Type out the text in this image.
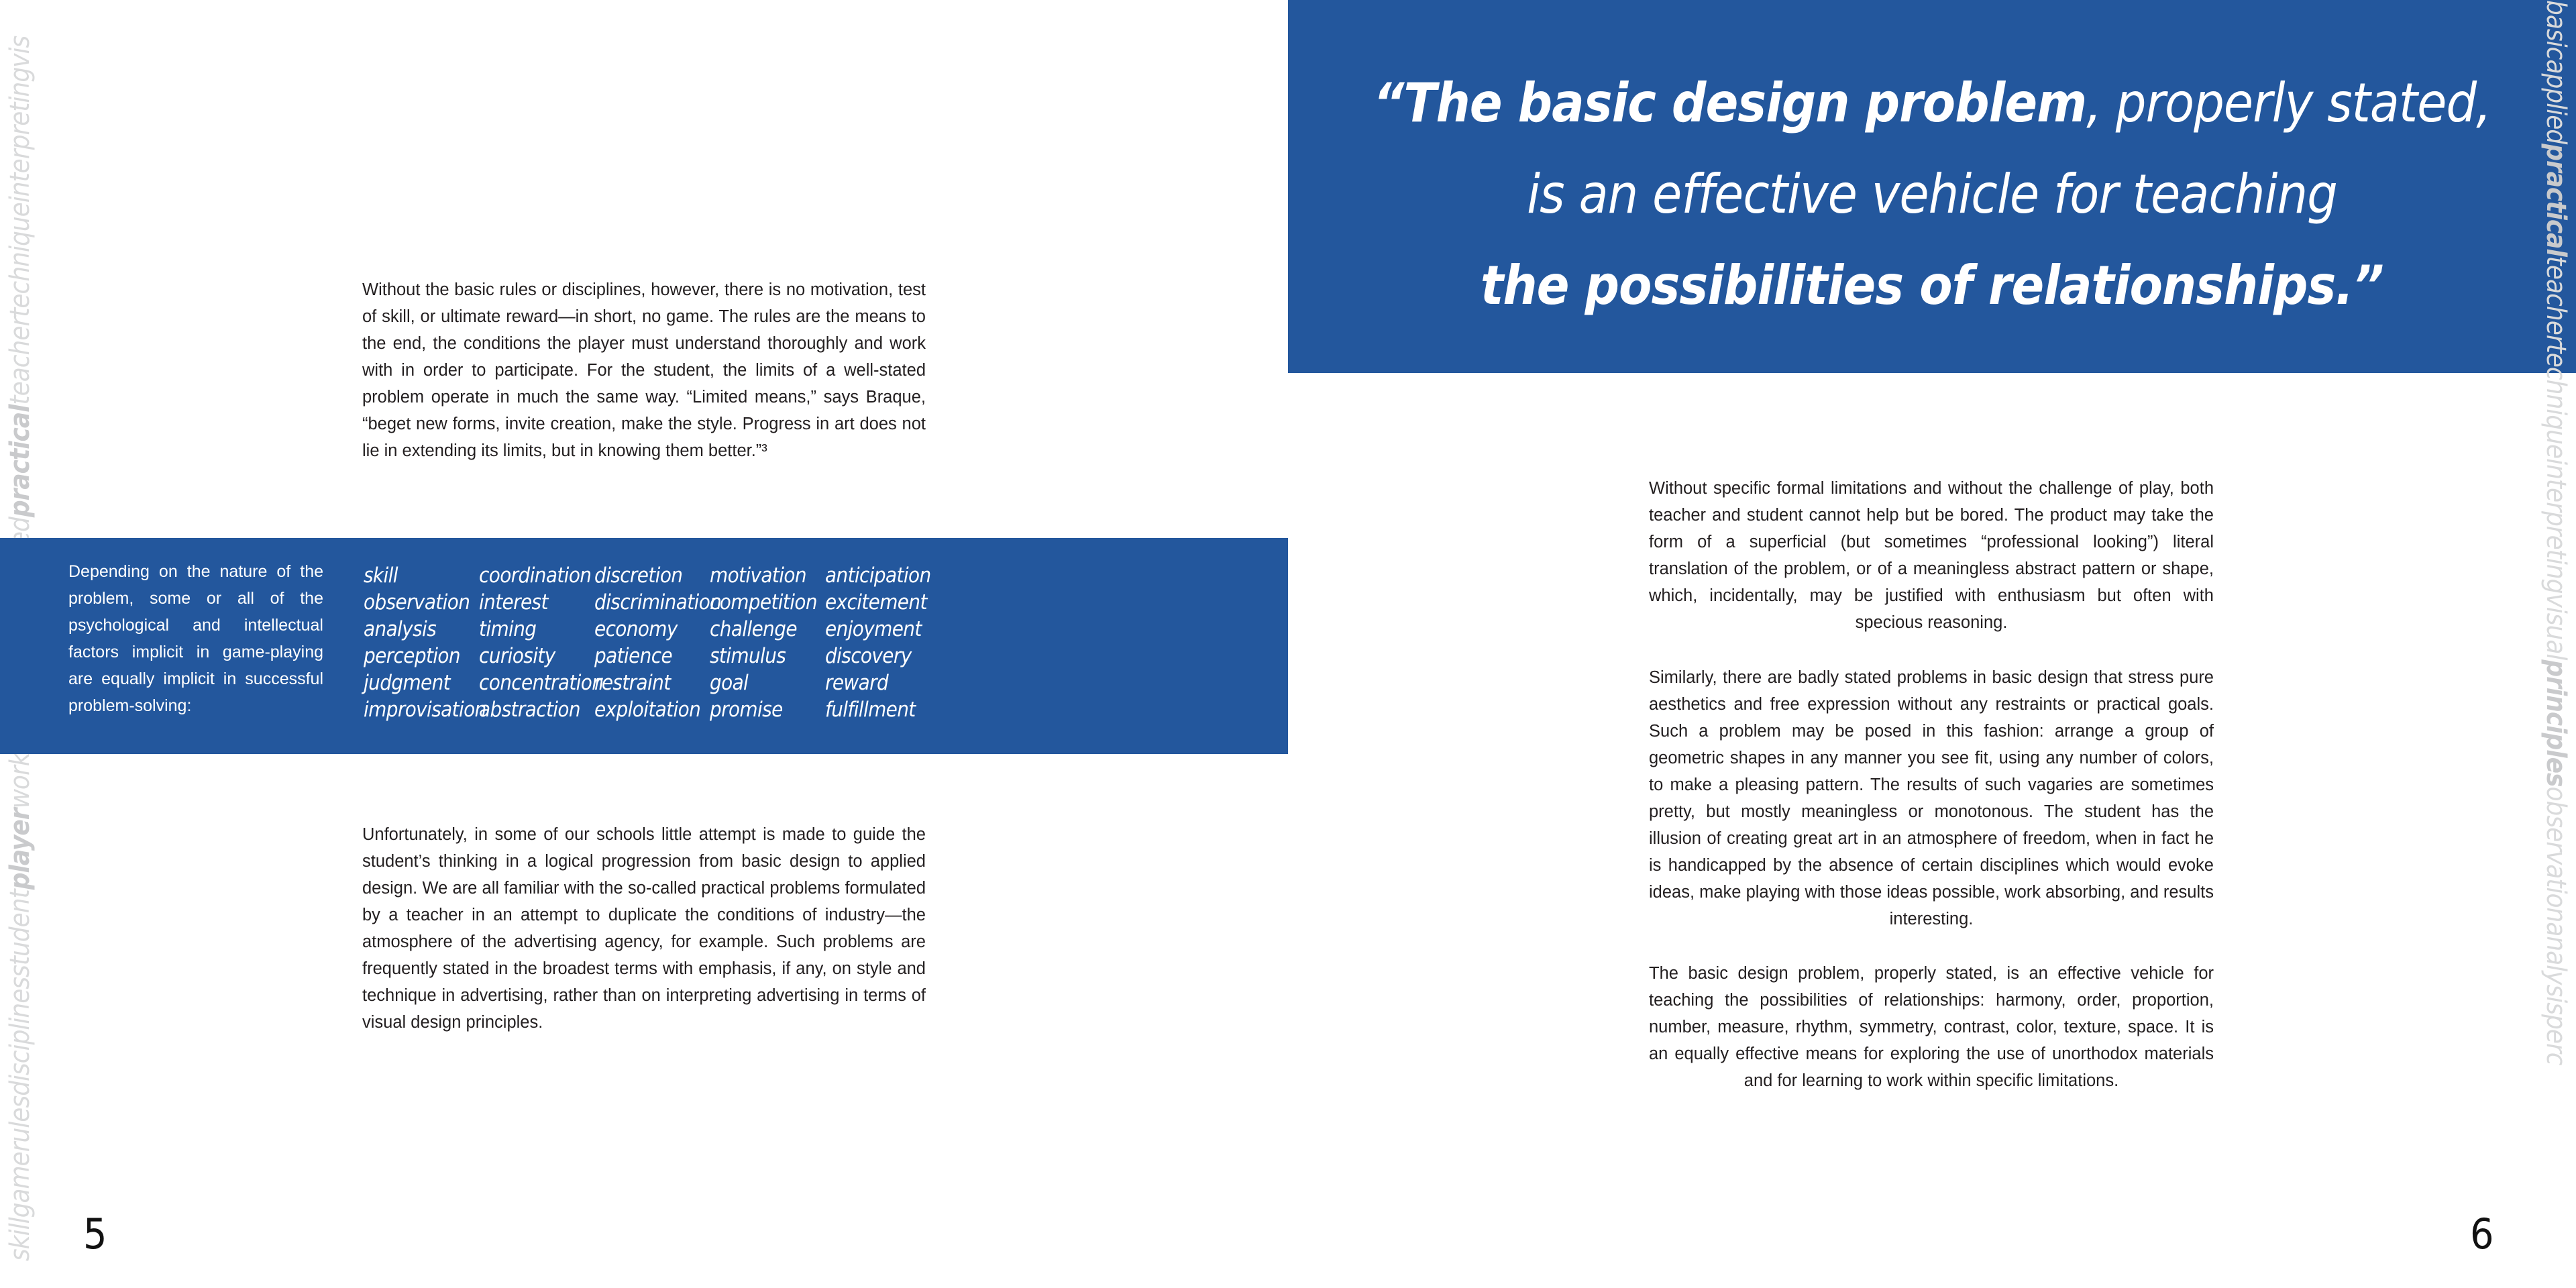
skillgamerulesdisciplinesstudentplayerpracticalteachertechniqueinterpretingvis	Without the basic rules or disciplines, however, there is no motivation, test of skill, or ultimate reward—in short, no game. The rules are the means to the end, the conditions the player must understand thoroughly and work with in order to participate. For the student, the limits of a well-stated problem operate in much the same way. “Limited means,” says Braque, “beget new forms, invite creation, make the style. Progress in art does not lie in extending its limits, but in knowing them better.”³

Depending on the nature of the problem, some or all of the psychological and intellectual factors implicit in game-playing are equally implicit in successful problem-solving:

skill
observation
analysis
perception
judgment
improvisation
coordination
interest
timing
curiosity
concentration
abstraction
discretion
discrimination
economy
patience
restraint
exploitation
motivation
competition
challenge
stimulus
goal
promise
anticipation
excitement
enjoyment
discovery
reward
fulfillment

Unfortunately, in some of our schools little attempt is made to guide the student’s thinking in a logical progression from basic design to applied design. We are all familiar with the so-called practical problems formulated by a teacher in an attempt to duplicate the conditions of industry—the atmosphere of the advertising agency, for example. Such problems are frequently stated in the broadest terms with emphasis, if any, on style and technique in advertising, rather than on interpreting advertising in terms of visual design principles.

5
“The basic design problem, properly stated,
is an effective vehicle for teaching
the possibilities of relationships.”

Without specific formal limitations and without the challenge of play, both teacher and student cannot help but be bored. The product may take the form of a superficial (but sometimes “professional looking”) literal translation of the problem, or of a meaningless abstract pattern or shape, which, incidentally, may be justified with enthusiasm but often with specious reasoning.

Similarly, there are badly stated problems in basic design that stress pure aesthetics and free expression without any restraints or practical goals. Such a problem may be posed in this fashion: arrange a group of geometric shapes in any manner you see fit, using any number of colors, to make a pleasing pattern. The results of such vagaries are sometimes pretty, but mostly meaningless or monotonous. The student has the illusion of creating great art in an atmosphere of freedom, when in fact he is handicapped by the absence of certain disciplines which would evoke ideas, make playing with those ideas possible, work absorbing, and results interesting.

The basic design problem, properly stated, is an effective vehicle for teaching the possibilities of relationships: harmony, order, proportion, number, measure, rhythm, symmetry, contrast, color, texture, space. It is an equally effective means for exploring the use of unorthodox materials and for learning to work within specific limitations.

basicappliedpracticalteachertechniqueinterpretingvisualprinciplesobservationanalysisperc
6
